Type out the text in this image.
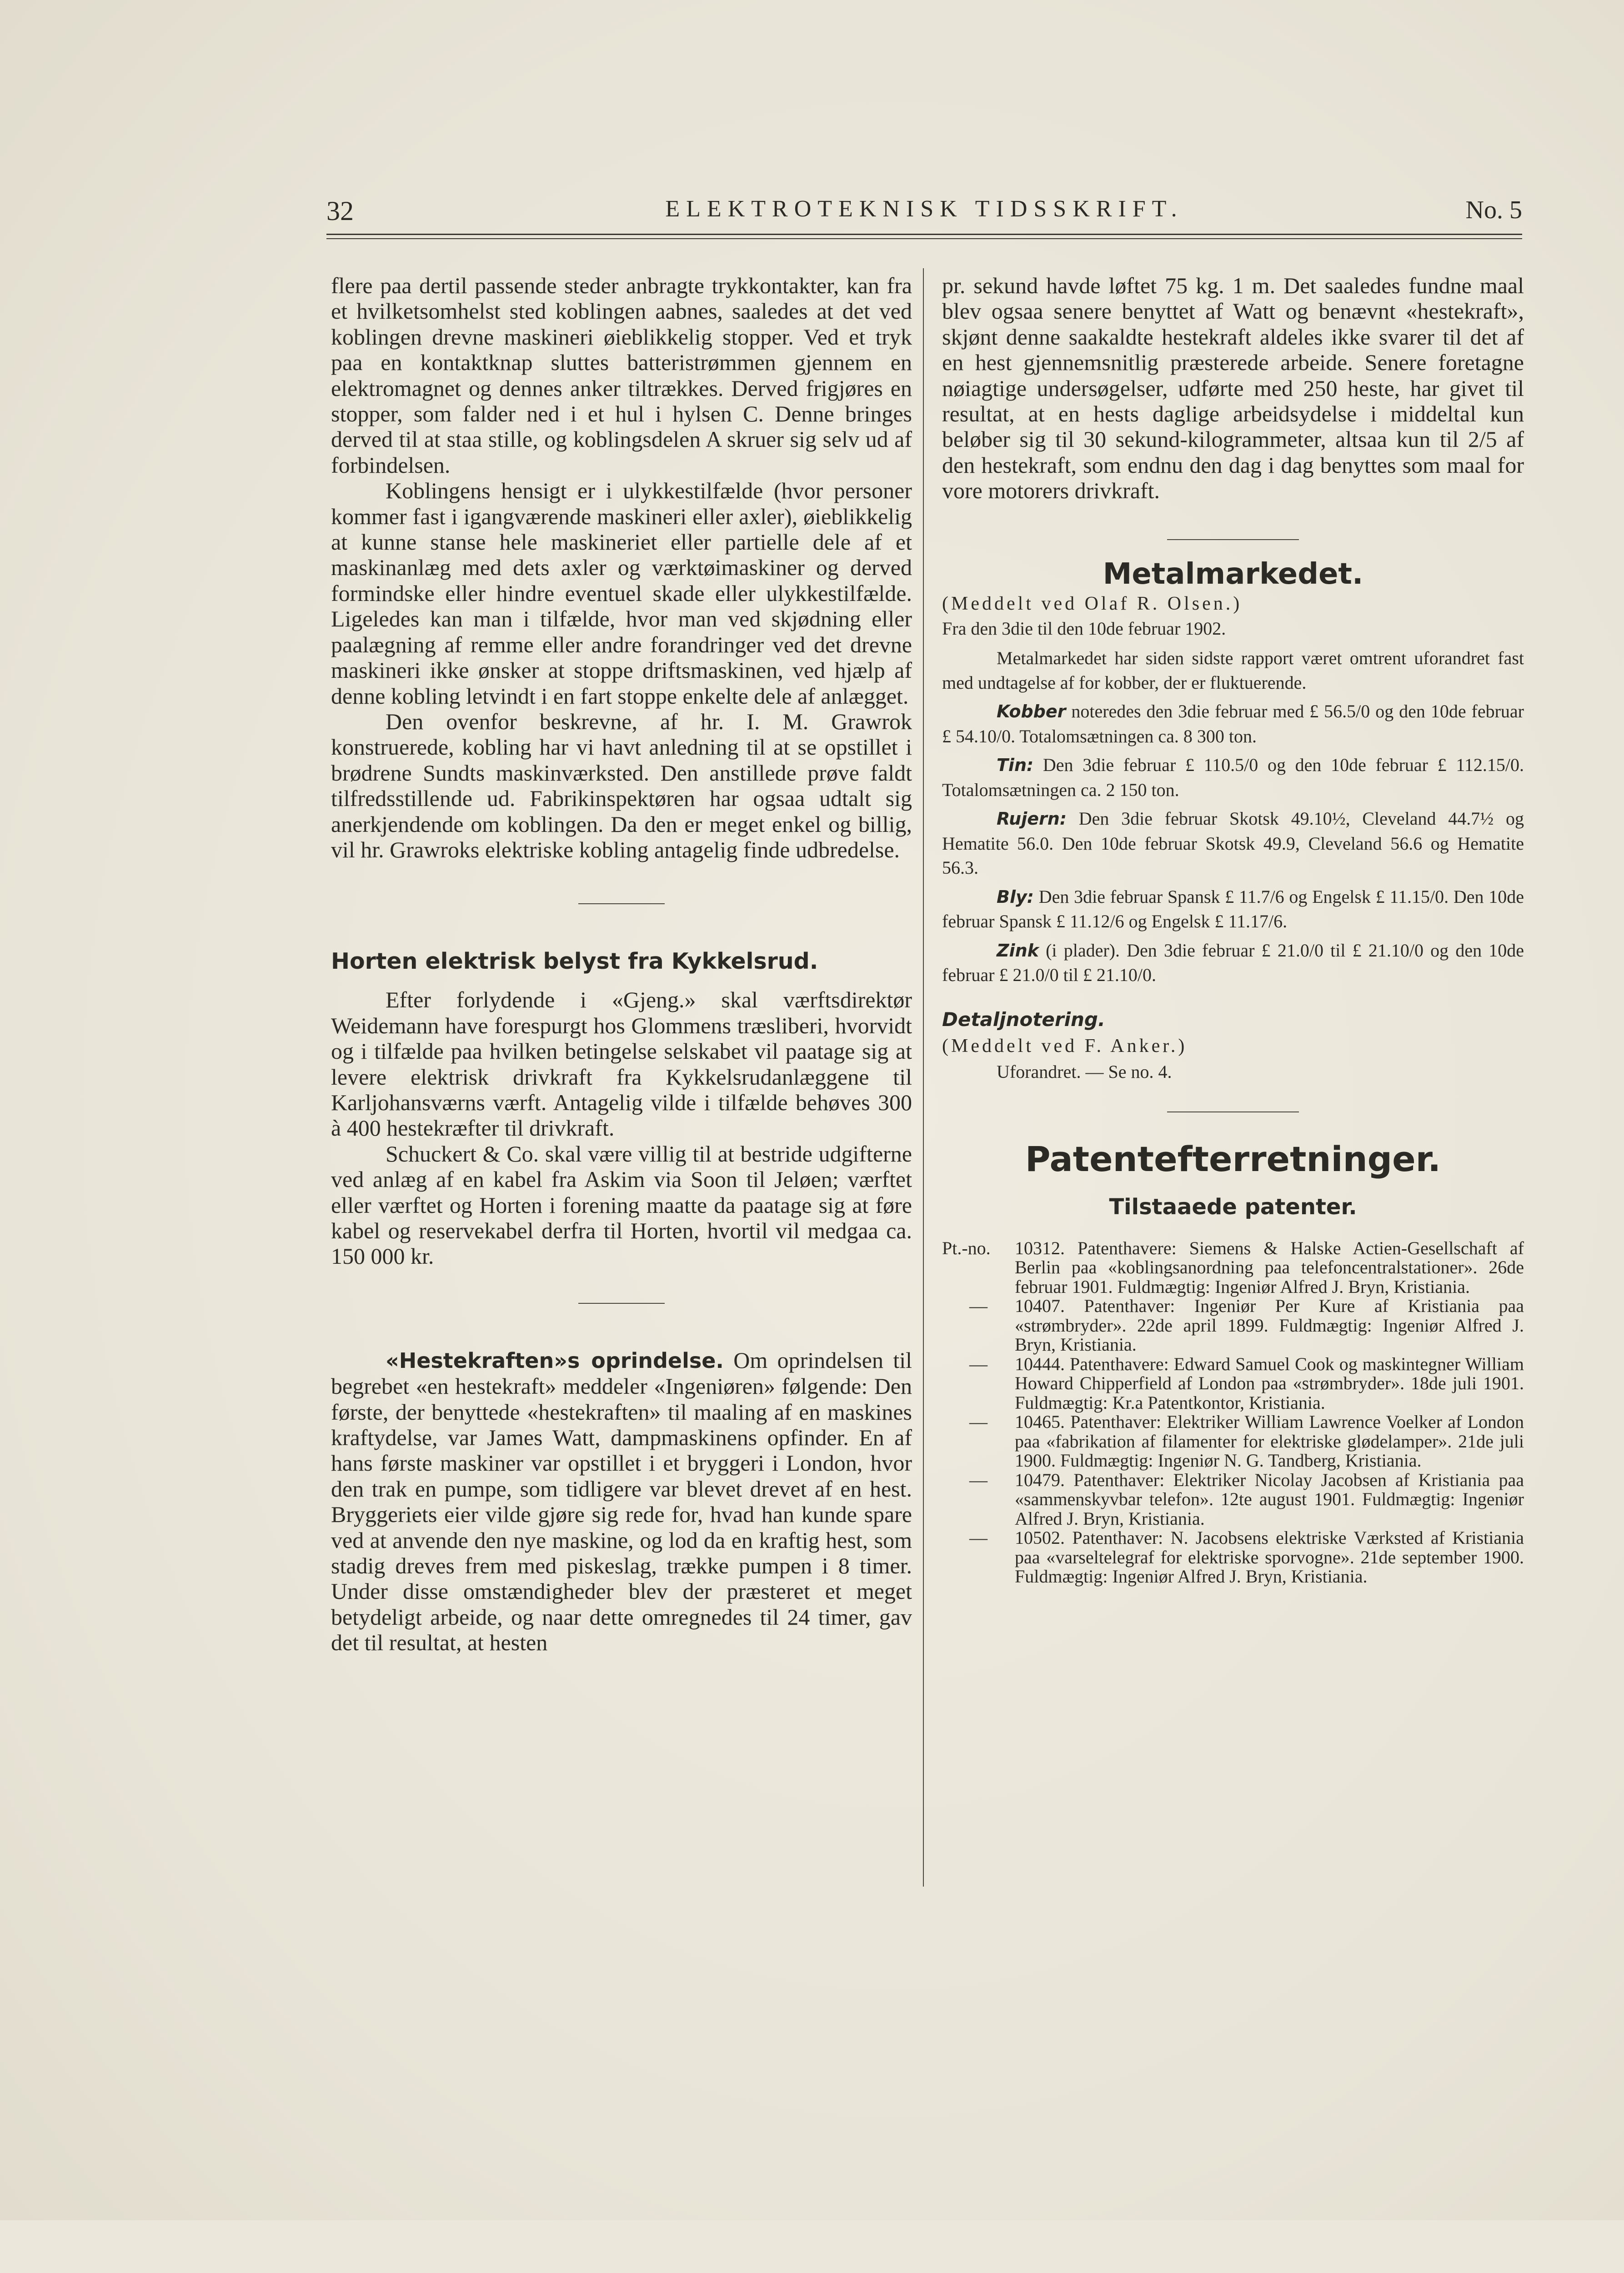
32	ELEKTROTEKNISK TIDSSKRIFT.	No. 5

flere paa dertil passende steder anbragte trykkontakter, kan fra et hvilketsomhelst sted koblingen aabnes, saaledes at det ved koblingen drevne maskineri øieblikkelig stopper. Ved et tryk paa en kontaktknap sluttes batteristrømmen gjennem en elektromagnet og dennes anker tiltrækkes. Derved frigjøres en stopper, som falder ned i et hul i hylsen C. Denne bringes derved til at staa stille, og koblingsdelen A skruer sig selv ud af forbindelsen.

Koblingens hensigt er i ulykkestilfælde (hvor personer kommer fast i igangværende maskineri eller axler), øieblikkelig at kunne stanse hele maskineriet eller partielle dele af et maskinanlæg med dets axler og værktøimaskiner og derved formindske eller hindre eventuel skade eller ulykkestilfælde. Ligeledes kan man i tilfælde, hvor man ved skjødning eller paalægning af remme eller andre forandringer ved det drevne maskineri ikke ønsker at stoppe driftsmaskinen, ved hjælp af denne kobling letvindt i en fart stoppe enkelte dele af anlægget.

Den ovenfor beskrevne, af hr. I. M. Grawrok konstruerede, kobling har vi havt anledning til at se opstillet i brødrene Sundts maskinværksted. Den anstillede prøve faldt tilfredsstillende ud. Fabrikinspektøren har ogsaa udtalt sig anerkjendende om koblingen. Da den er meget enkel og billig, vil hr. Grawroks elektriske kobling antagelig finde udbredelse.

Horten elektrisk belyst fra Kykkelsrud.

Efter forlydende i «Gjeng.» skal værftsdirektør Weidemann have forespurgt hos Glommens træsliberi, hvorvidt og i tilfælde paa hvilken betingelse selskabet vil paatage sig at levere elektrisk drivkraft fra Kykkelsrudanlæggene til Karljohansværns værft. Antagelig vilde i tilfælde behøves 300 à 400 hestekræfter til drivkraft.

Schuckert & Co. skal være villig til at bestride udgifterne ved anlæg af en kabel fra Askim via Soon til Jeløen; værftet eller værftet og Horten i forening maatte da paatage sig at føre kabel og reservekabel derfra til Horten, hvortil vil medgaa ca. 150 000 kr.

«Hestekraften»s oprindelse. Om oprindelsen til begrebet «en hestekraft» meddeler «Ingeniøren» følgende: Den første, der benyttede «hestekraften» til maaling af en maskines kraftydelse, var James Watt, dampmaskinens opfinder. En af hans første maskiner var opstillet i et bryggeri i London, hvor den trak en pumpe, som tidligere var blevet drevet af en hest. Bryggeriets eier vilde gjøre sig rede for, hvad han kunde spare ved at anvende den nye maskine, og lod da en kraftig hest, som stadig dreves frem med piskeslag, trække pumpen i 8 timer. Under disse omstændigheder blev der præsteret et meget betydeligt arbeide, og naar dette omregnedes til 24 timer, gav det til resultat, at hesten

pr. sekund havde løftet 75 kg. 1 m. Det saaledes fundne maal blev ogsaa senere benyttet af Watt og benævnt «hestekraft», skjønt denne saakaldte hestekraft aldeles ikke svarer til det af en hest gjennemsnitlig præsterede arbeide. Senere foretagne nøiagtige undersøgelser, udførte med 250 heste, har givet til resultat, at en hests daglige arbeidsydelse i middeltal kun beløber sig til 30 sekund-kilogrammeter, altsaa kun til 2/5 af den hestekraft, som endnu den dag i dag benyttes som maal for vore motorers drivkraft.

Metalmarkedet.

(Meddelt ved Olaf R. Olsen.)

Fra den 3die til den 10de februar 1902.

Metalmarkedet har siden sidste rapport været omtrent uforandret fast med undtagelse af for kobber, der er fluktuerende.

Kobber noteredes den 3die februar med £ 56.5/0 og den 10de februar £ 54.10/0. Totalomsætningen ca. 8 300 ton.

Tin: Den 3die februar £ 110.5/0 og den 10de februar £ 112.15/0. Totalomsætningen ca. 2 150 ton.

Rujern: Den 3die februar Skotsk 49.10½, Cleveland 44.7½ og Hematite 56.0. Den 10de februar Skotsk 49.9, Cleveland 56.6 og Hematite 56.3.

Bly: Den 3die februar Spansk £ 11.7/6 og Engelsk £ 11.15/0. Den 10de februar Spansk £ 11.12/6 og Engelsk £ 11.17/6.

Zink (i plader). Den 3die februar £ 21.0/0 til £ 21.10/0 og den 10de februar £ 21.0/0 til £ 21.10/0.

Detaljnotering.

(Meddelt ved F. Anker.)

Uforandret. — Se no. 4.

Patentefterretninger.
Tilstaaede patenter.
Pt.-no.	10312. Patenthavere: Siemens & Halske Actien-Gesellschaft af Berlin paa «koblingsanordning paa telefoncentralstationer». 26de februar 1901. Fuldmægtig: Ingeniør Alfred J. Bryn, Kristiania.
—	10407. Patenthaver: Ingeniør Per Kure af Kristiania paa «strømbryder». 22de april 1899. Fuldmægtig: Ingeniør Alfred J. Bryn, Kristiania.
—	10444. Patenthavere: Edward Samuel Cook og maskintegner William Howard Chipperfield af London paa «strømbryder». 18de juli 1901. Fuldmægtig: Kr.a Patentkontor, Kristiania.
—	10465. Patenthaver: Elektriker William Lawrence Voelker af London paa «fabrikation af filamenter for elektriske glødelamper». 21de juli 1900. Fuldmægtig: Ingeniør N. G. Tandberg, Kristiania.
—	10479. Patenthaver: Elektriker Nicolay Jacobsen af Kristiania paa «sammenskyvbar telefon». 12te august 1901. Fuldmægtig: Ingeniør Alfred J. Bryn, Kristiania.
—	10502. Patenthaver: N. Jacobsens elektriske Værksted af Kristiania paa «varseltelegraf for elektriske sporvogne». 21de september 1900. Fuldmægtig: Ingeniør Alfred J. Bryn, Kristiania.
